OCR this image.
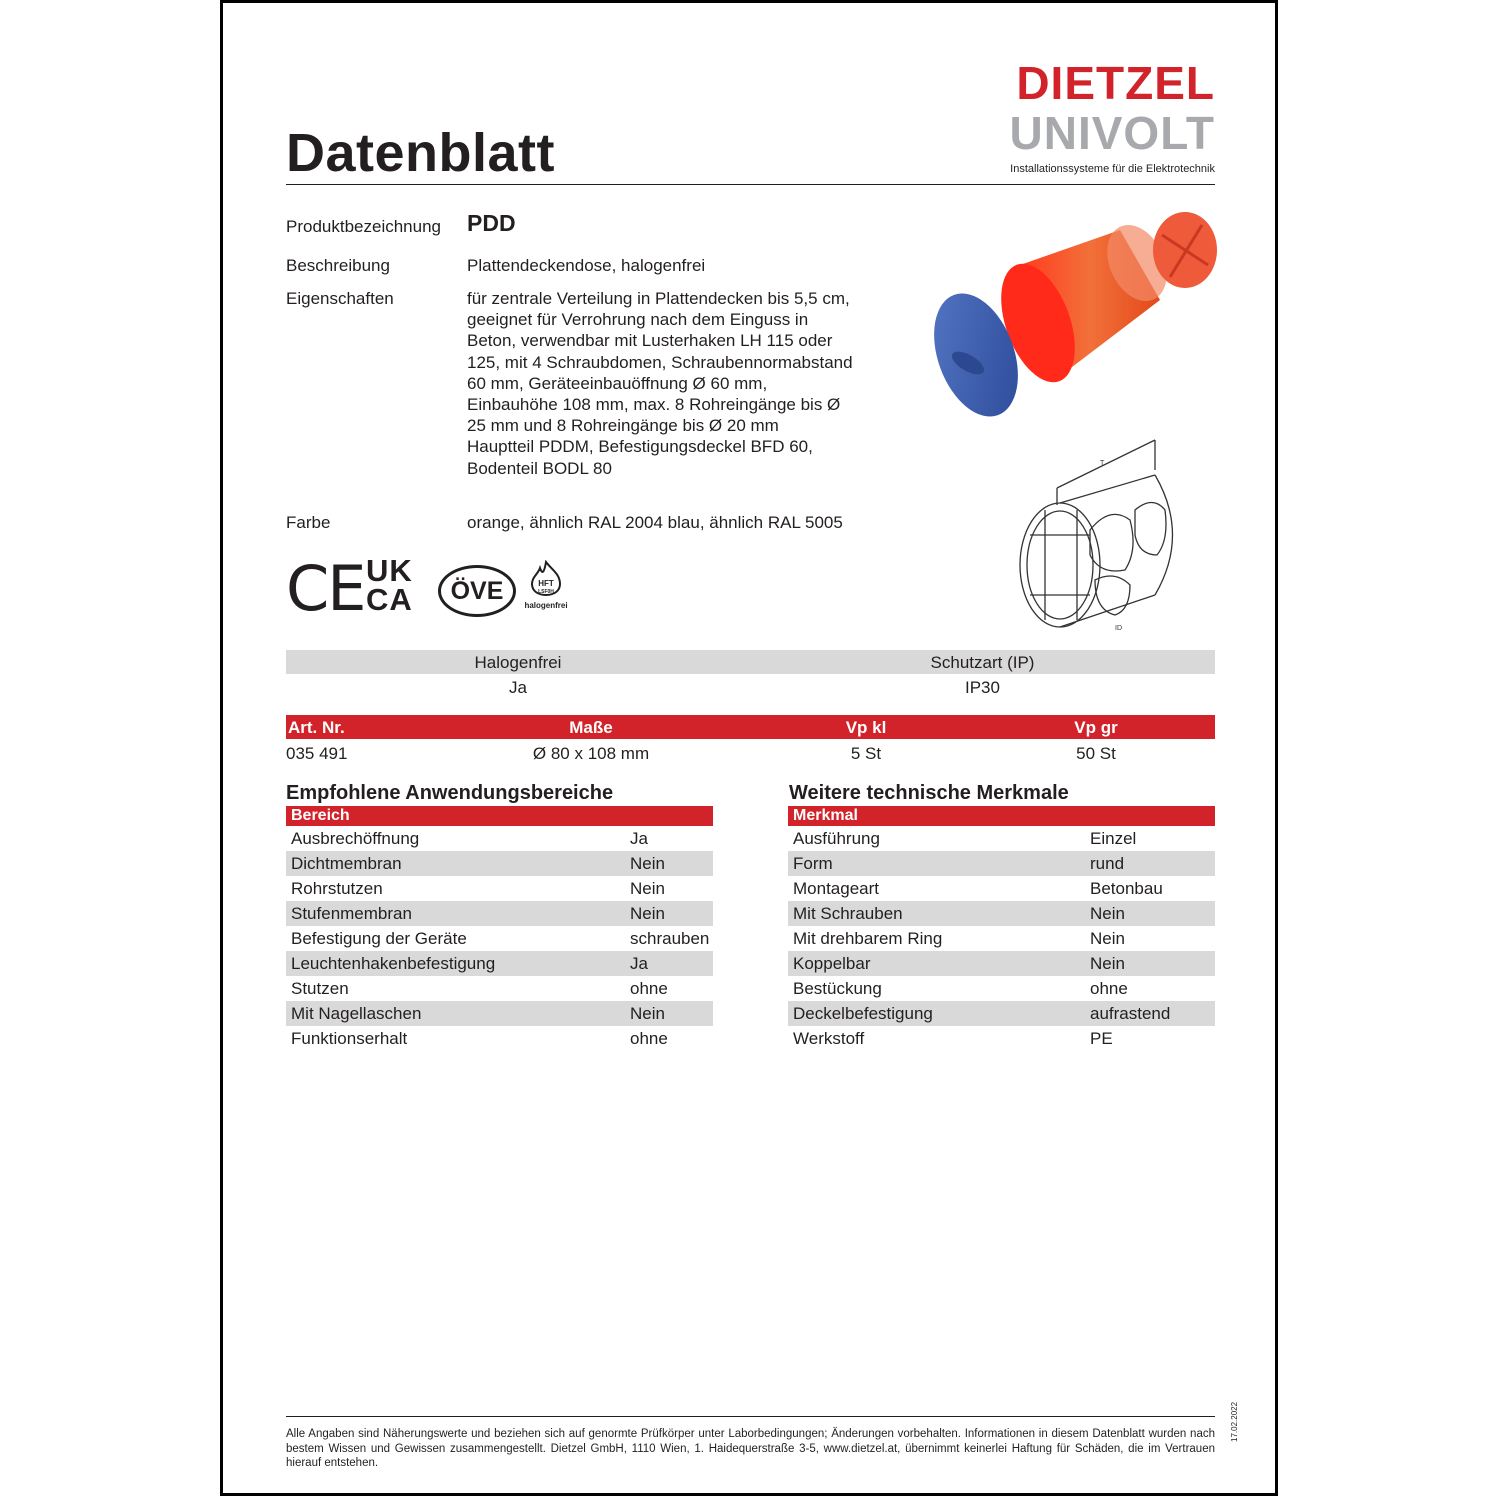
Datenblatt
DIETZEL
UNIVOLT
Installationssysteme für die Elektrotechnik
Produktbezeichnung PDD
Beschreibung	Plattendeckendose, halogenfrei
Eigenschaften	für zentrale Verteilung in Plattendecken bis 5,5 cm,
geeignet für Verrohrung nach dem Einguss in
Beton, verwendbar mit Lusterhaken LH 115 oder
125, mit 4 Schraubdomen, Schraubennormabstand
60 mm, Geräteeinbauöffnung Ø 60 mm,
Einbauhöhe 108 mm, max. 8 Rohreingänge bis Ø
25 mm und 8 Rohreingänge bis Ø 20 mm
Hauptteil PDDM, Befestigungsdeckel BFD 60,
Bodenteil BODL 80
Farbe	orange, ähnlich RAL 2004 blau, ähnlich RAL 5005
T
ID
CE UK
CA	ÖVE	HFT
LSF0H
halogenfrei
Halogenfrei	Schutzart (IP)
Ja	IP30
Art. Nr.	Maße	Vp kl	Vp gr
035 491	Ø 80 x 108 mm	5 St	50 St
Empfohlene Anwendungsbereiche
Bereich
Ausbrechöffnung	Ja
Dichtmembran	Nein
Rohrstutzen	Nein
Stufenmembran	Nein
Befestigung der Geräte	schrauben
Leuchtenhakenbefestigung	Ja
Stutzen	ohne
Mit Nagellaschen	Nein
Funktionserhalt	ohne
Weitere technische Merkmale
Merkmal
Ausführung	Einzel
Form	rund
Montageart	Betonbau
Mit Schrauben	Nein
Mit drehbarem Ring	Nein
Koppelbar	Nein
Bestückung	ohne
Deckelbefestigung	aufrastend
Werkstoff	PE
Alle Angaben sind Näherungswerte und beziehen sich auf genormte Prüfkörper unter Laborbedingungen; Änderungen vorbehalten. Informationen in diesem Datenblatt wurden nach bestem Wissen und Gewissen zusammengestellt. Dietzel GmbH, 1110 Wien, 1. Haidequerstraße 3-5, www.dietzel.at, übernimmt keinerlei Haftung für Schäden, die im Vertrauen hierauf entstehen.
17.02.2022
